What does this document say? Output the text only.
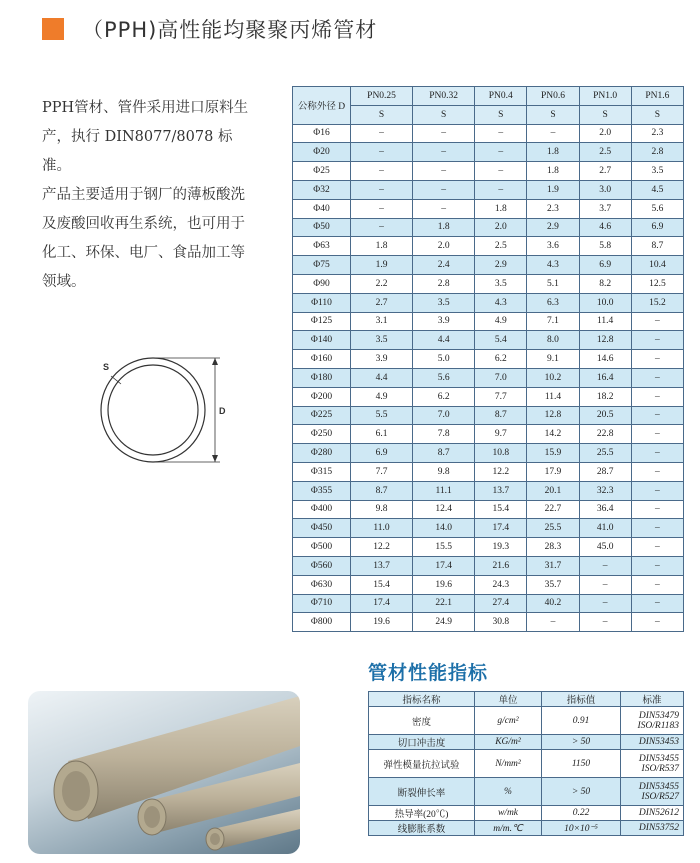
（PPH)高性能均聚聚丙烯管材

PPH管材、管件采用进口原料生产，执行 DIN8077/8078 标准。

产品主要适用于钢厂的薄板酸洗及废酸回收再生系统，也可用于化工、环保、电厂、食品加工等领域。

S
D
公称外径 D	PN0.25	PN0.32	PN0.4	PN0.6	PN1.0	PN1.6
	S	S	S	S	S	S
Φ16	–	–	–	–	2.0	2.3
Φ20	–	–	–	1.8	2.5	2.8
Φ25	–	–	–	1.8	2.7	3.5
Φ32	–	–	–	1.9	3.0	4.5
Φ40	–	–	1.8	2.3	3.7	5.6
Φ50	–	1.8	2.0	2.9	4.6	6.9
Φ63	1.8	2.0	2.5	3.6	5.8	8.7
Φ75	1.9	2.4	2.9	4.3	6.9	10.4
Φ90	2.2	2.8	3.5	5.1	8.2	12.5
Φ110	2.7	3.5	4.3	6.3	10.0	15.2
Φ125	3.1	3.9	4.9	7.1	11.4	–
Φ140	3.5	4.4	5.4	8.0	12.8	–
Φ160	3.9	5.0	6.2	9.1	14.6	–
Φ180	4.4	5.6	7.0	10.2	16.4	–
Φ200	4.9	6.2	7.7	11.4	18.2	–
Φ225	5.5	7.0	8.7	12.8	20.5	–
Φ250	6.1	7.8	9.7	14.2	22.8	–
Φ280	6.9	8.7	10.8	15.9	25.5	–
Φ315	7.7	9.8	12.2	17.9	28.7	–
Φ355	8.7	11.1	13.7	20.1	32.3	–
Φ400	9.8	12.4	15.4	22.7	36.4	–
Φ450	11.0	14.0	17.4	25.5	41.0	–
Φ500	12.2	15.5	19.3	28.3	45.0	–
Φ560	13.7	17.4	21.6	31.7	–	–
Φ630	15.4	19.6	24.3	35.7	–	–
Φ710	17.4	22.1	27.4	40.2	–	–
Φ800	19.6	24.9	30.8	–	–	–
管材性能指标
指标名称	单位	指标值	标准
密度	g/cm²	0.91	DIN53479 ISO/R1183
切口冲击度	KG/m²	> 50	DIN53453
弹性模量抗拉试验	N/mm²	1150	DIN53455 ISO/R537
断裂伸长率	%	> 50	DIN53455 ISO/R527
热导率(20℃)	w/mk	0.22	DIN52612
线膨胀系数	m/m.℃	10×10⁻⁵	DIN53752
